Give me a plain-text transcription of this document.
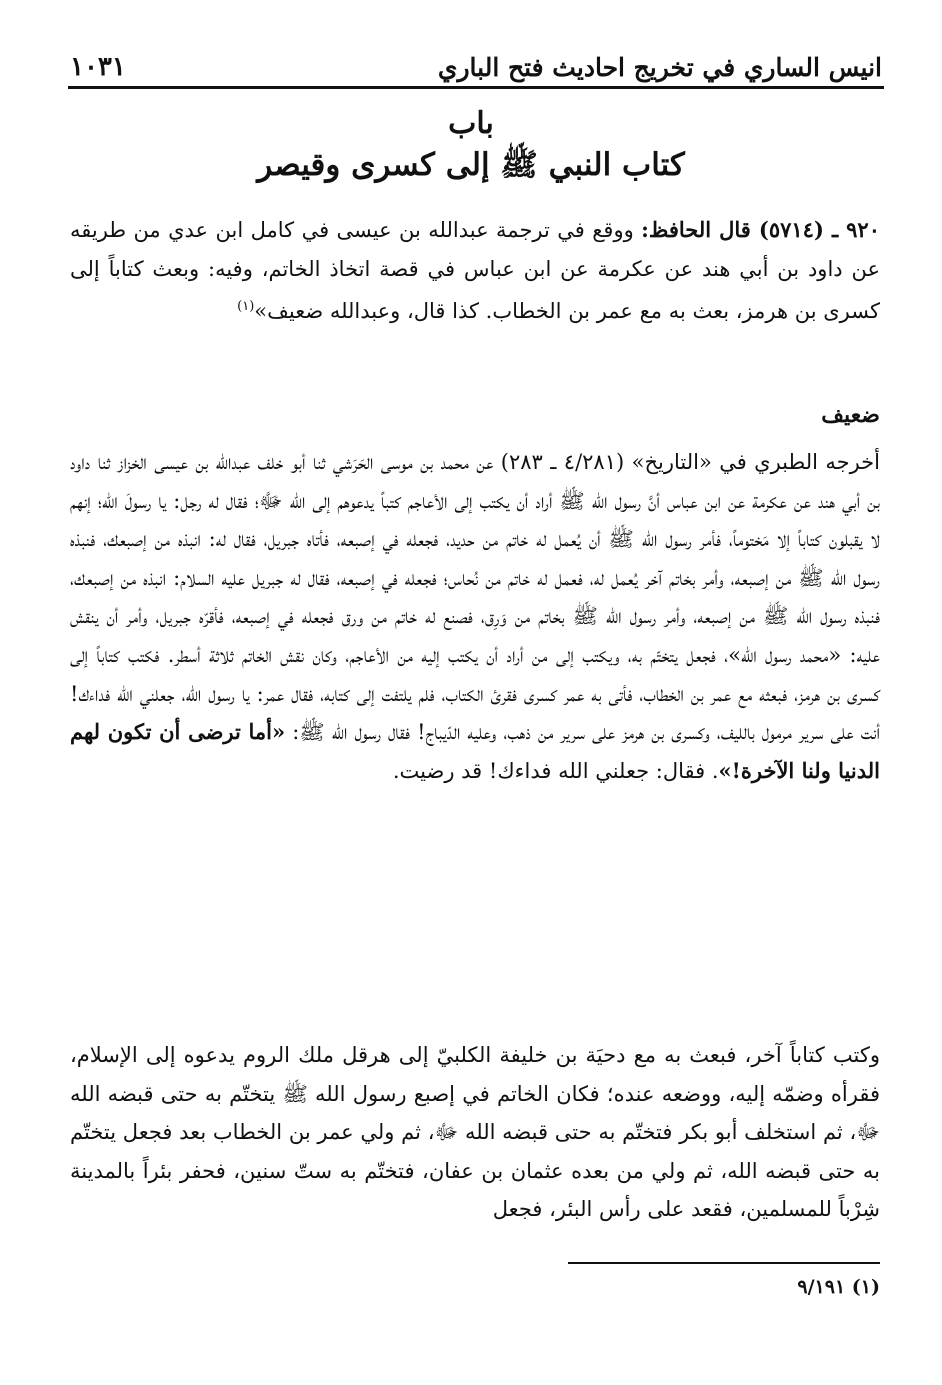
انيس الساري في تخريج احاديث فتح الباري
١٠٣١
باب
كتاب النبي ﷺ إلى كسرى وقيصر
٩٢٠ ـ (٥٧١٤) قال الحافظ: ووقع في ترجمة عبدالله بن عيسى في كامل ابن عدي من طريقه عن داود بن أبي هند عن عكرمة عن ابن عباس في قصة اتخاذ الخاتم، وفيه: وبعث كتاباً إلى كسرى بن هرمز، بعث به مع عمر بن الخطاب. كذا قال، وعبدالله ضعيف»$^{(١)}$
ضعيف
أخرجه الطبري في «التاريخ» (٤/٢٨١ ـ ٢٨٣) عن محمد بن موسى الحَرَشي ثنا أبو خلف عبدالله بن عيسى الخزاز ثنا داود بن أبي هند عن عكرمة عن ابن عباس أنَّ رسول الله ﷺ أراد أن يكتب إلى الأعاجم كتباً يدعوهم إلى الله ﷻ؛ فقال له رجل: يا رسولَ الله؛ إنهم لا يقبلون كتاباً إلا مَختوماً، فأمر رسول الله ﷺ أن يُعمل له خاتم من حديد، فجعله في إصبعه، فأتاه جبريل، فقال له: انبذه من إصبعك، فنبذه رسول الله ﷺ من إصبعه، وأمر بخاتم آخر يُعمل له، فعمل له خاتم من نُحاس؛ فجعله في إصبعه، فقال له جبريل عليه السلام: انبذه من إصبعك، فنبذه رسول الله ﷺ من إصبعه، وأمر رسول الله ﷺ بخاتم من وَرِق، فصنع له خاتم من ورق فجعله في إصبعه، فأقرّه جبريل، وأمر أن ينقش عليه: «محمد رسول الله»، فجعل يتختّم به، ويكتب إلى من أراد أن يكتب إليه من الأعاجم، وكان نقش الخاتم ثلاثة أسطر. فكتب كتاباً إلى كسرى بن هرمز، فبعثه مع عمر بن الخطاب، فأتى به عمر كسرى فقرئ الكتاب، فلم يلتفت إلى كتابه، فقال عمر: يا رسول الله، جعلني الله فداءك! أنت على سرير مرمول بالليف، وكسرى بن هرمز على سرير من ذهب، وعليه الدّيباج! فقال رسول الله ﷺ: «أما ترضى أن تكون لهم الدنيا ولنا الآخرة!». فقال: جعلني الله فداءك! قد رضيت.
وكتب كتاباً آخر، فبعث به مع دحيَة بن خليفة الكلبيّ إلى هرقل ملك الروم يدعوه إلى الإسلام، فقرأه وضمّه إليه، ووضعه عنده؛ فكان الخاتم في إصبع رسول الله ﷺ يتختّم به حتى قبضه الله ﷻ، ثم استخلف أبو بكر فتختّم به حتى قبضه الله ﷻ، ثم ولي عمر بن الخطاب بعد فجعل يتختّم به حتى قبضه الله، ثم ولي من بعده عثمان بن عفان، فتختّم به ستّ سنين، فحفر بئراً بالمدينة شِرْباً للمسلمين، فقعد على رأس البئر، فجعل
(١) ٩/١٩١
